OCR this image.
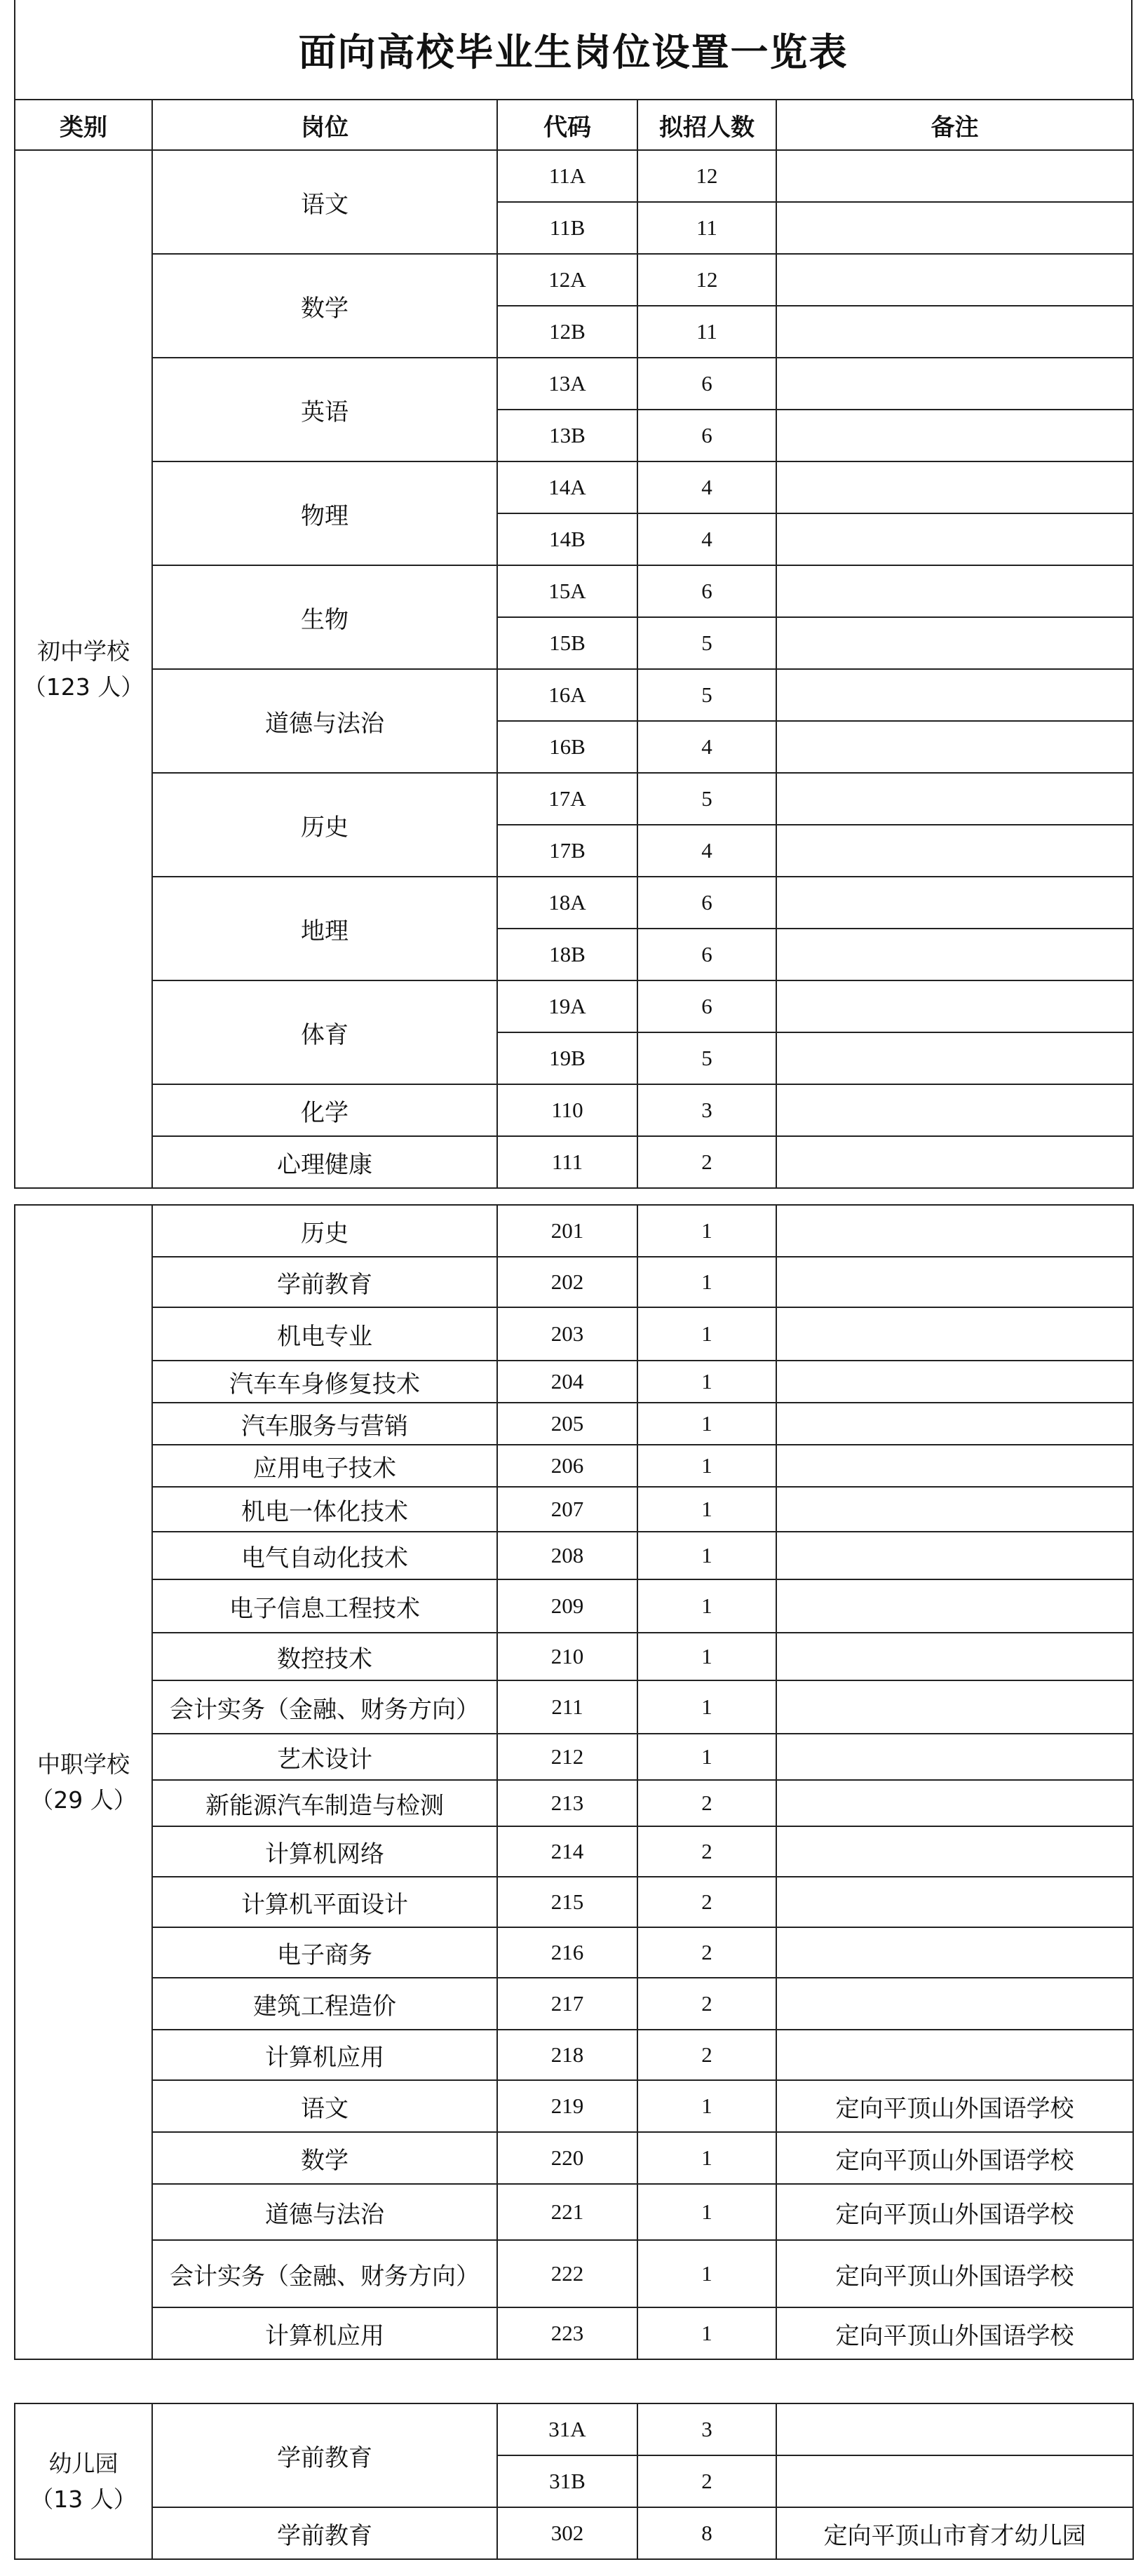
面向高校毕业生岗位设置一览表
类别	岗位	代码	拟招人数	备注
初中学校
（123 人）	语文	11A	12	
		11B	11	
	数学	12A	12	
		12B	11	
	英语	13A	6	
		13B	6	
	物理	14A	4	
		14B	4	
	生物	15A	6	
		15B	5	
	道德与法治	16A	5	
		16B	4	
	历史	17A	5	
		17B	4	
	地理	18A	6	
		18B	6	
	体育	19A	6	
		19B	5	
	化学	110	3	
	心理健康	111	2	
中职学校
（29 人）	历史	201	1	
	学前教育	202	1	
	机电专业	203	1	
	汽车车身修复技术	204	1	
	汽车服务与营销	205	1	
	应用电子技术	206	1	
	机电一体化技术	207	1	
	电气自动化技术	208	1	
	电子信息工程技术	209	1	
	数控技术	210	1	
	会计实务（金融、财务方向）	211	1	
	艺术设计	212	1	
	新能源汽车制造与检测	213	2	
	计算机网络	214	2	
	计算机平面设计	215	2	
	电子商务	216	2	
	建筑工程造价	217	2	
	计算机应用	218	2	
	语文	219	1	定向平顶山外国语学校
	数学	220	1	定向平顶山外国语学校
	道德与法治	221	1	定向平顶山外国语学校
	会计实务（金融、财务方向）	222	1	定向平顶山外国语学校
	计算机应用	223	1	定向平顶山外国语学校
幼儿园
（13 人）	学前教育	31A	3	
		31B	2	
	学前教育	302	8	定向平顶山市育才幼儿园
